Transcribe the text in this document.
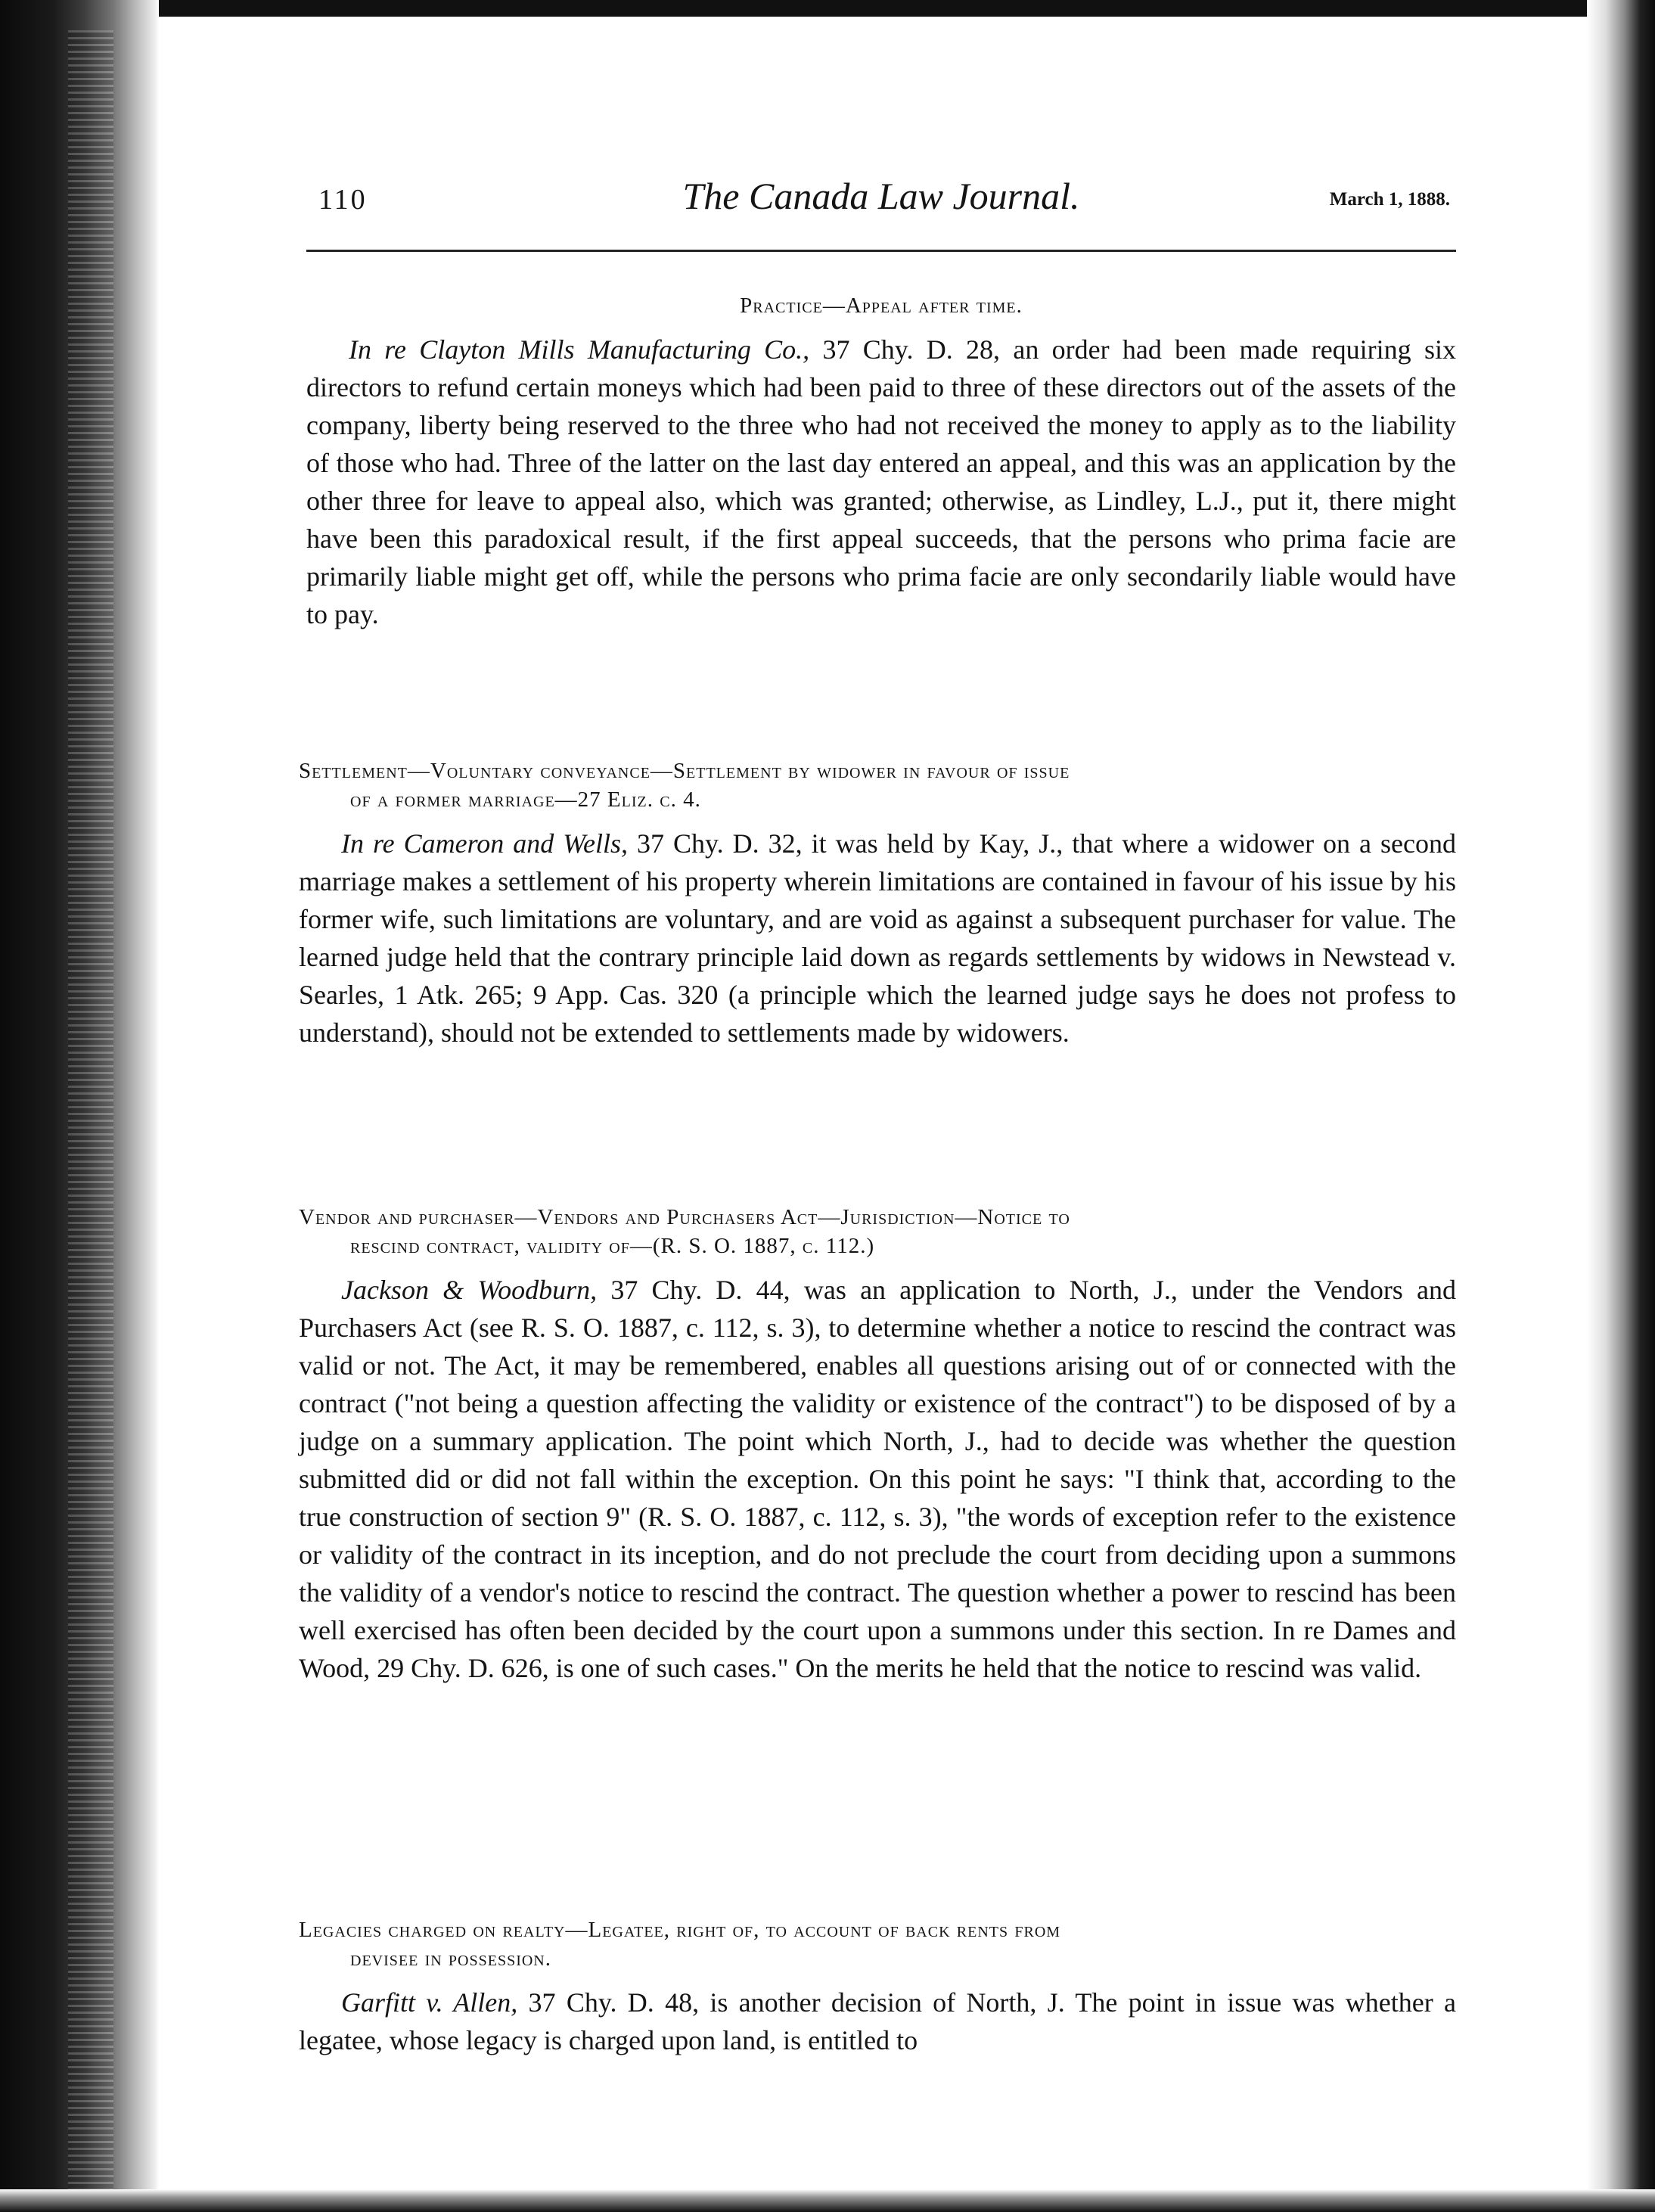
110	The Canada Law Journal.	March 1, 1888.
Practice—Appeal after time.

In re Clayton Mills Manufacturing Co., 37 Chy. D. 28, an order had been made requiring six directors to refund certain moneys which had been paid to three of these directors out of the assets of the company, liberty being reserved to the three who had not received the money to apply as to the liability of those who had. Three of the latter on the last day entered an appeal, and this was an application by the other three for leave to appeal also, which was granted; otherwise, as Lindley, L.J., put it, there might have been this paradoxical result, if the first appeal succeeds, that the persons who prima facie are primarily liable might get off, while the persons who prima facie are only secondarily liable would have to pay.

Settlement—Voluntary conveyance—Settlement by widower in favour of issue
of a former marriage—27 Eliz. c. 4.

In re Cameron and Wells, 37 Chy. D. 32, it was held by Kay, J., that where a widower on a second marriage makes a settlement of his property wherein limitations are contained in favour of his issue by his former wife, such limitations are voluntary, and are void as against a subsequent purchaser for value. The learned judge held that the contrary principle laid down as regards settlements by widows in Newstead v. Searles, 1 Atk. 265; 9 App. Cas. 320 (a principle which the learned judge says he does not profess to understand), should not be extended to settlements made by widowers.

Vendor and purchaser—Vendors and Purchasers Act—Jurisdiction—Notice to
rescind contract, validity of—(R. S. O. 1887, c. 112.)

Jackson & Woodburn, 37 Chy. D. 44, was an application to North, J., under the Vendors and Purchasers Act (see R. S. O. 1887, c. 112, s. 3), to determine whether a notice to rescind the contract was valid or not. The Act, it may be remembered, enables all questions arising out of or connected with the contract ("not being a question affecting the validity or existence of the contract") to be disposed of by a judge on a summary application. The point which North, J., had to decide was whether the question submitted did or did not fall within the exception. On this point he says: "I think that, according to the true construction of section 9" (R. S. O. 1887, c. 112, s. 3), "the words of exception refer to the existence or validity of the contract in its inception, and do not preclude the court from deciding upon a summons the validity of a vendor's notice to rescind the contract. The question whether a power to rescind has been well exercised has often been decided by the court upon a summons under this section. In re Dames and Wood, 29 Chy. D. 626, is one of such cases." On the merits he held that the notice to rescind was valid.

Legacies charged on realty—Legatee, right of, to account of back rents from
devisee in possession.

Garfitt v. Allen, 37 Chy. D. 48, is another decision of North, J. The point in issue was whether a legatee, whose legacy is charged upon land, is entitled to
